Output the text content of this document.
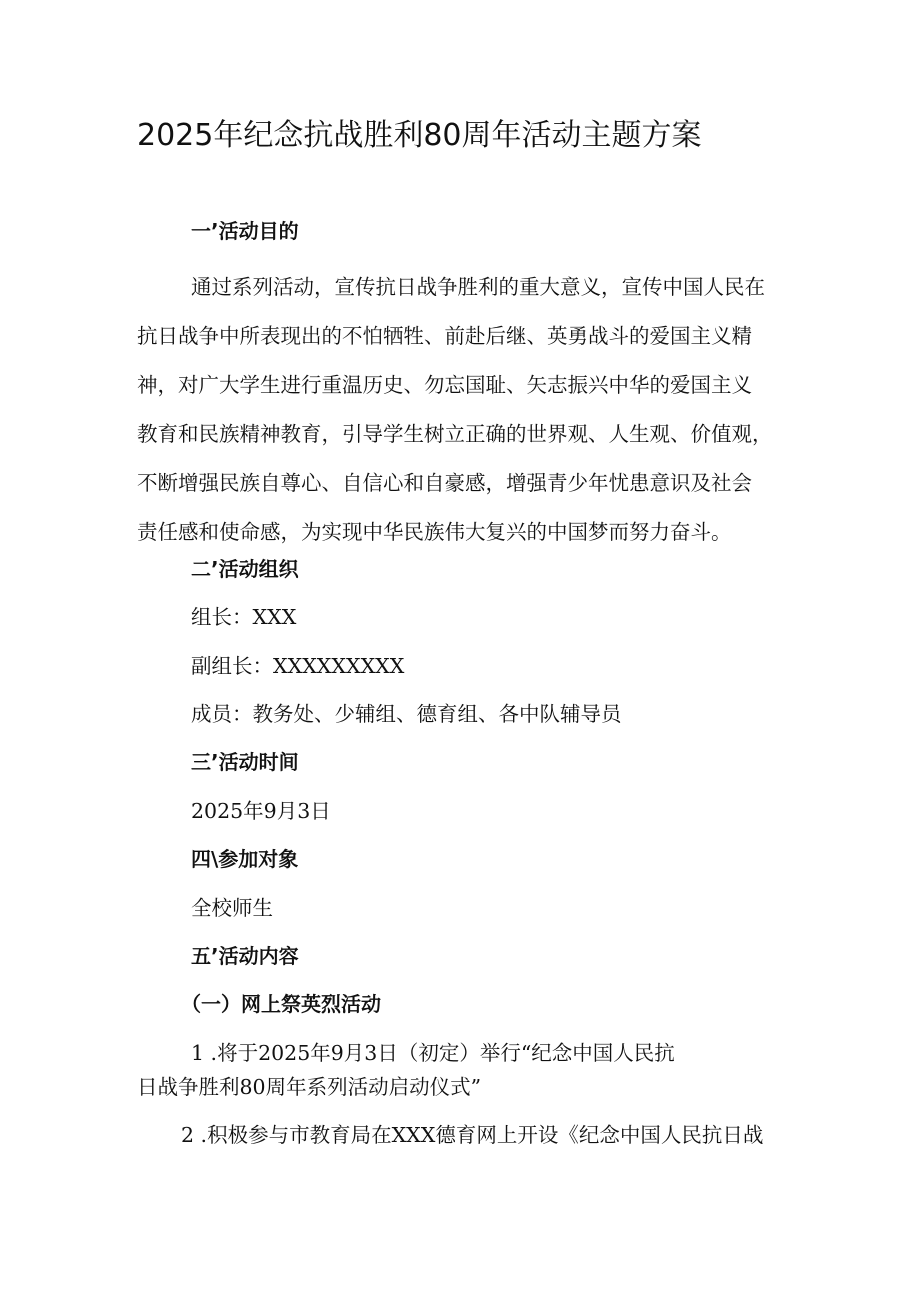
2025年纪念抗战胜利80周年活动主题方案
一’活动目的
通过系列活动，宣传抗日战争胜利的重大意义，宣传中国人民在
抗日战争中所表现出的不怕牺牲、前赴后继、英勇战斗的爱国主义精
神，对广大学生进行重温历史、勿忘国耻、矢志振兴中华的爱国主义
教育和民族精神教育，引导学生树立正确的世界观、人生观、价值观，
不断增强民族自尊心、自信心和自豪感，增强青少年忧患意识及社会
责任感和使命感，为实现中华民族伟大复兴的中国梦而努力奋斗。
二’活动组织
组长：XXX
副组长：XXXXXXXXX
成员：教务处、少辅组、德育组、各中队辅导员
三’活动时间
2025年9月3日
四\参加对象
全校师生
五’活动内容
（一）网上祭英烈活动
1 .将于2025年9月3日（初定）举行“纪念中国人民抗
日战争胜利80周年系列活动启动仪式”
2 .积极参与市教育局在XXX德育网上开设《纪念中国人民抗日战
